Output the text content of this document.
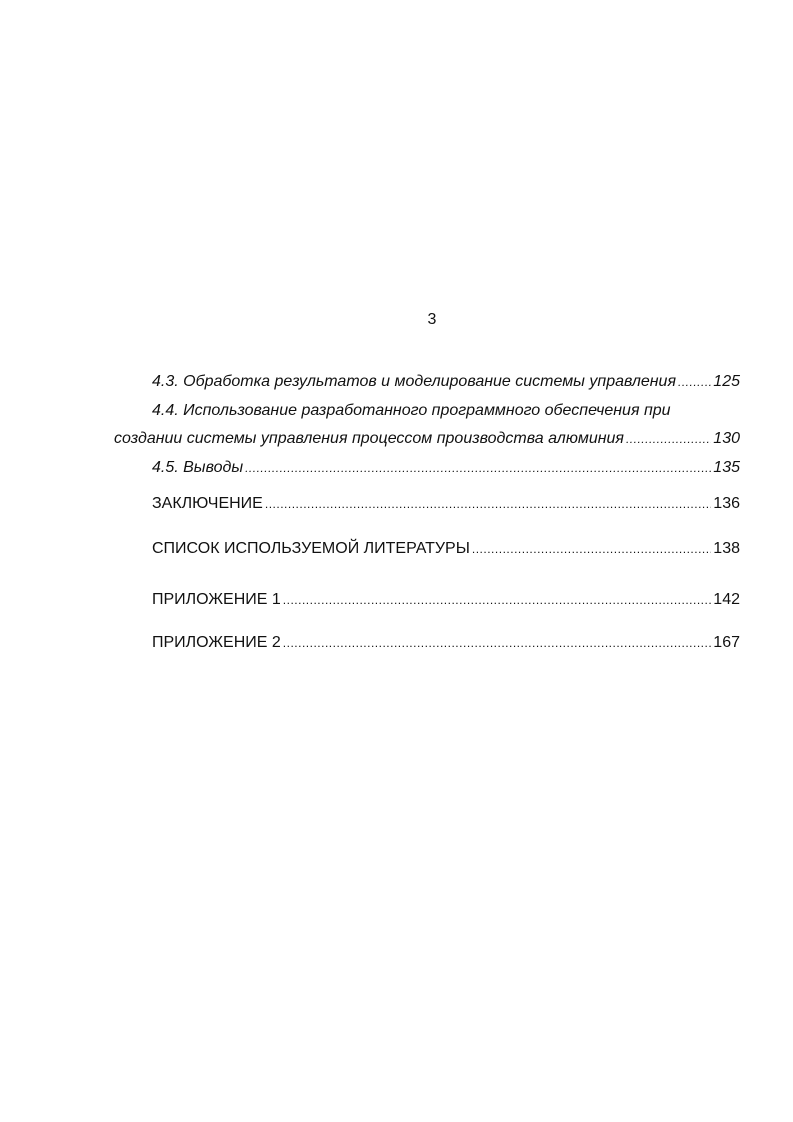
3
4.3. Обработка результатов и моделирование системы управления ..... 125
4.4. Использование разработанного программного обеспечения при
создании системы управления процессом производства алюминия .....	130
4.5. Выводы .....	135
ЗАКЛЮЧЕНИЕ .....	136
СПИСОК ИСПОЛЬЗУЕМОЙ ЛИТЕРАТУРЫ .....	138
ПРИЛОЖЕНИЕ 1 .....	142
ПРИЛОЖЕНИЕ 2 .....	167
